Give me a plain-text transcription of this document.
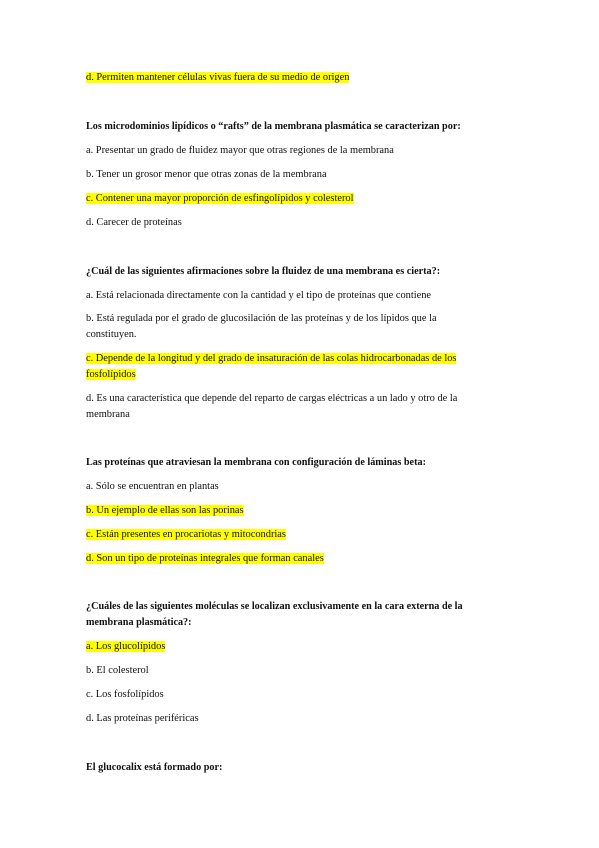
d. Permiten mantener células vivas fuera de su medio de origen
Los microdominios lipídicos o “rafts” de la membrana plasmática se caracterizan por:
a. Presentar un grado de fluidez mayor que otras regiones de la membrana
b. Tener un grosor menor que otras zonas de la membrana
c. Contener una mayor proporción de esfingolípidos y colesterol
d. Carecer de proteínas
¿Cuál de las siguientes afirmaciones sobre la fluidez de una membrana es cierta?:
a. Está relacionada directamente con la cantidad y el tipo de proteínas que contiene
b. Está regulada por el grado de glucosilación de las proteínas y de los lípidos que la
constituyen.
c. Depende de la longitud y del grado de insaturación de las colas hidrocarbonadas de los
fosfolípidos
d. Es una característica que depende del reparto de cargas eléctricas a un lado y otro de la
membrana
Las proteínas que atraviesan la membrana con configuración de láminas beta:
a. Sólo se encuentran en plantas
b. Un ejemplo de ellas son las porinas
c. Están presentes en procariotas y mitocondrias
d. Son un tipo de proteínas integrales que forman canales
¿Cuáles de las siguientes moléculas se localizan exclusivamente en la cara externa de la
membrana plasmática?:
a. Los glucolípidos
b. El colesterol
c. Los fosfolípidos
d. Las proteínas periféricas
El glucocalix está formado por:
